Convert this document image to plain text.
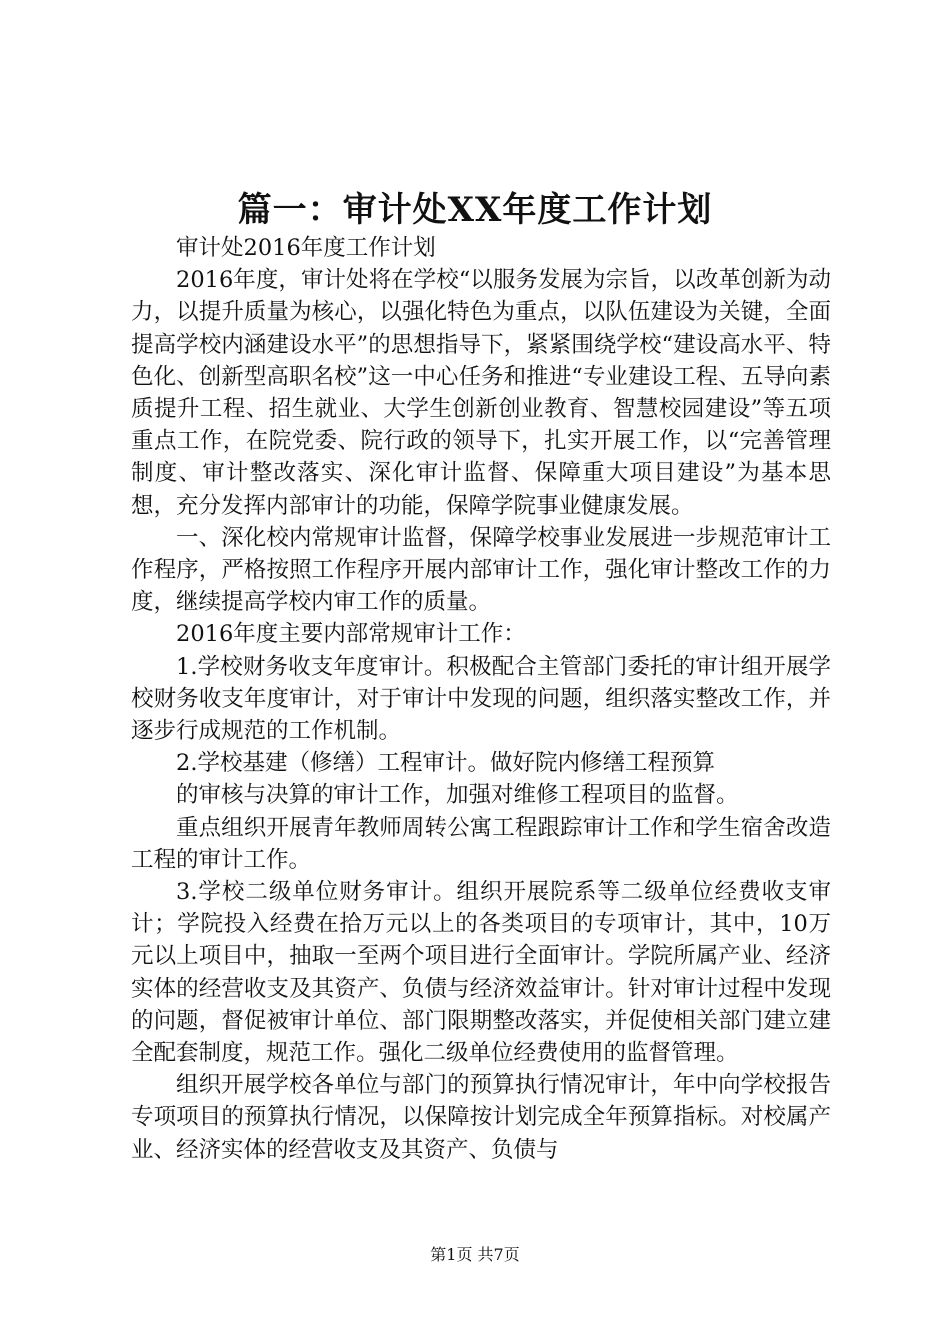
篇一：审计处XX年度工作计划

审计处2016年度工作计划

2016年度，审计处将在学校“以服务发展为宗旨，以改革创新为动力，以提升质量为核心，以强化特色为重点，以队伍建设为关键，全面提高学校内涵建设水平”的思想指导下，紧紧围绕学校“建设高水平、特色化、创新型高职名校”这一中心任务和推进“专业建设工程、五导向素质提升工程、招生就业、大学生创新创业教育、智慧校园建设”等五项重点工作，在院党委、院行政的领导下，扎实开展工作，以“完善管理制度、审计整改落实、深化审计监督、保障重大项目建设”为基本思想，充分发挥内部审计的功能，保障学院事业健康发展。

一、深化校内常规审计监督，保障学校事业发展进一步规范审计工作程序，严格按照工作程序开展内部审计工作，强化审计整改工作的力度，继续提高学校内审工作的质量。

2016年度主要内部常规审计工作：

1.学校财务收支年度审计。积极配合主管部门委托的审计组开展学校财务收支年度审计，对于审计中发现的问题，组织落实整改工作，并逐步行成规范的工作机制。

2.学校基建（修缮）工程审计。做好院内修缮工程预算

的审核与决算的审计工作，加强对维修工程项目的监督。

重点组织开展青年教师周转公寓工程跟踪审计工作和学生宿舍改造工程的审计工作。

3.学校二级单位财务审计。组织开展院系等二级单位经费收支审计；学院投入经费在拾万元以上的各类项目的专项审计，其中，10万元以上项目中，抽取一至两个项目进行全面审计。学院所属产业、经济实体的经营收支及其资产、负债与经济效益审计。针对审计过程中发现的问题，督促被审计单位、部门限期整改落实，并促使相关部门建立建全配套制度，规范工作。强化二级单位经费使用的监督管理。

组织开展学校各单位与部门的预算执行情况审计，年中向学校报告专项项目的预算执行情况，以保障按计划完成全年预算指标。对校属产业、经济实体的经营收支及其资产、负债与

第1页 共7页
